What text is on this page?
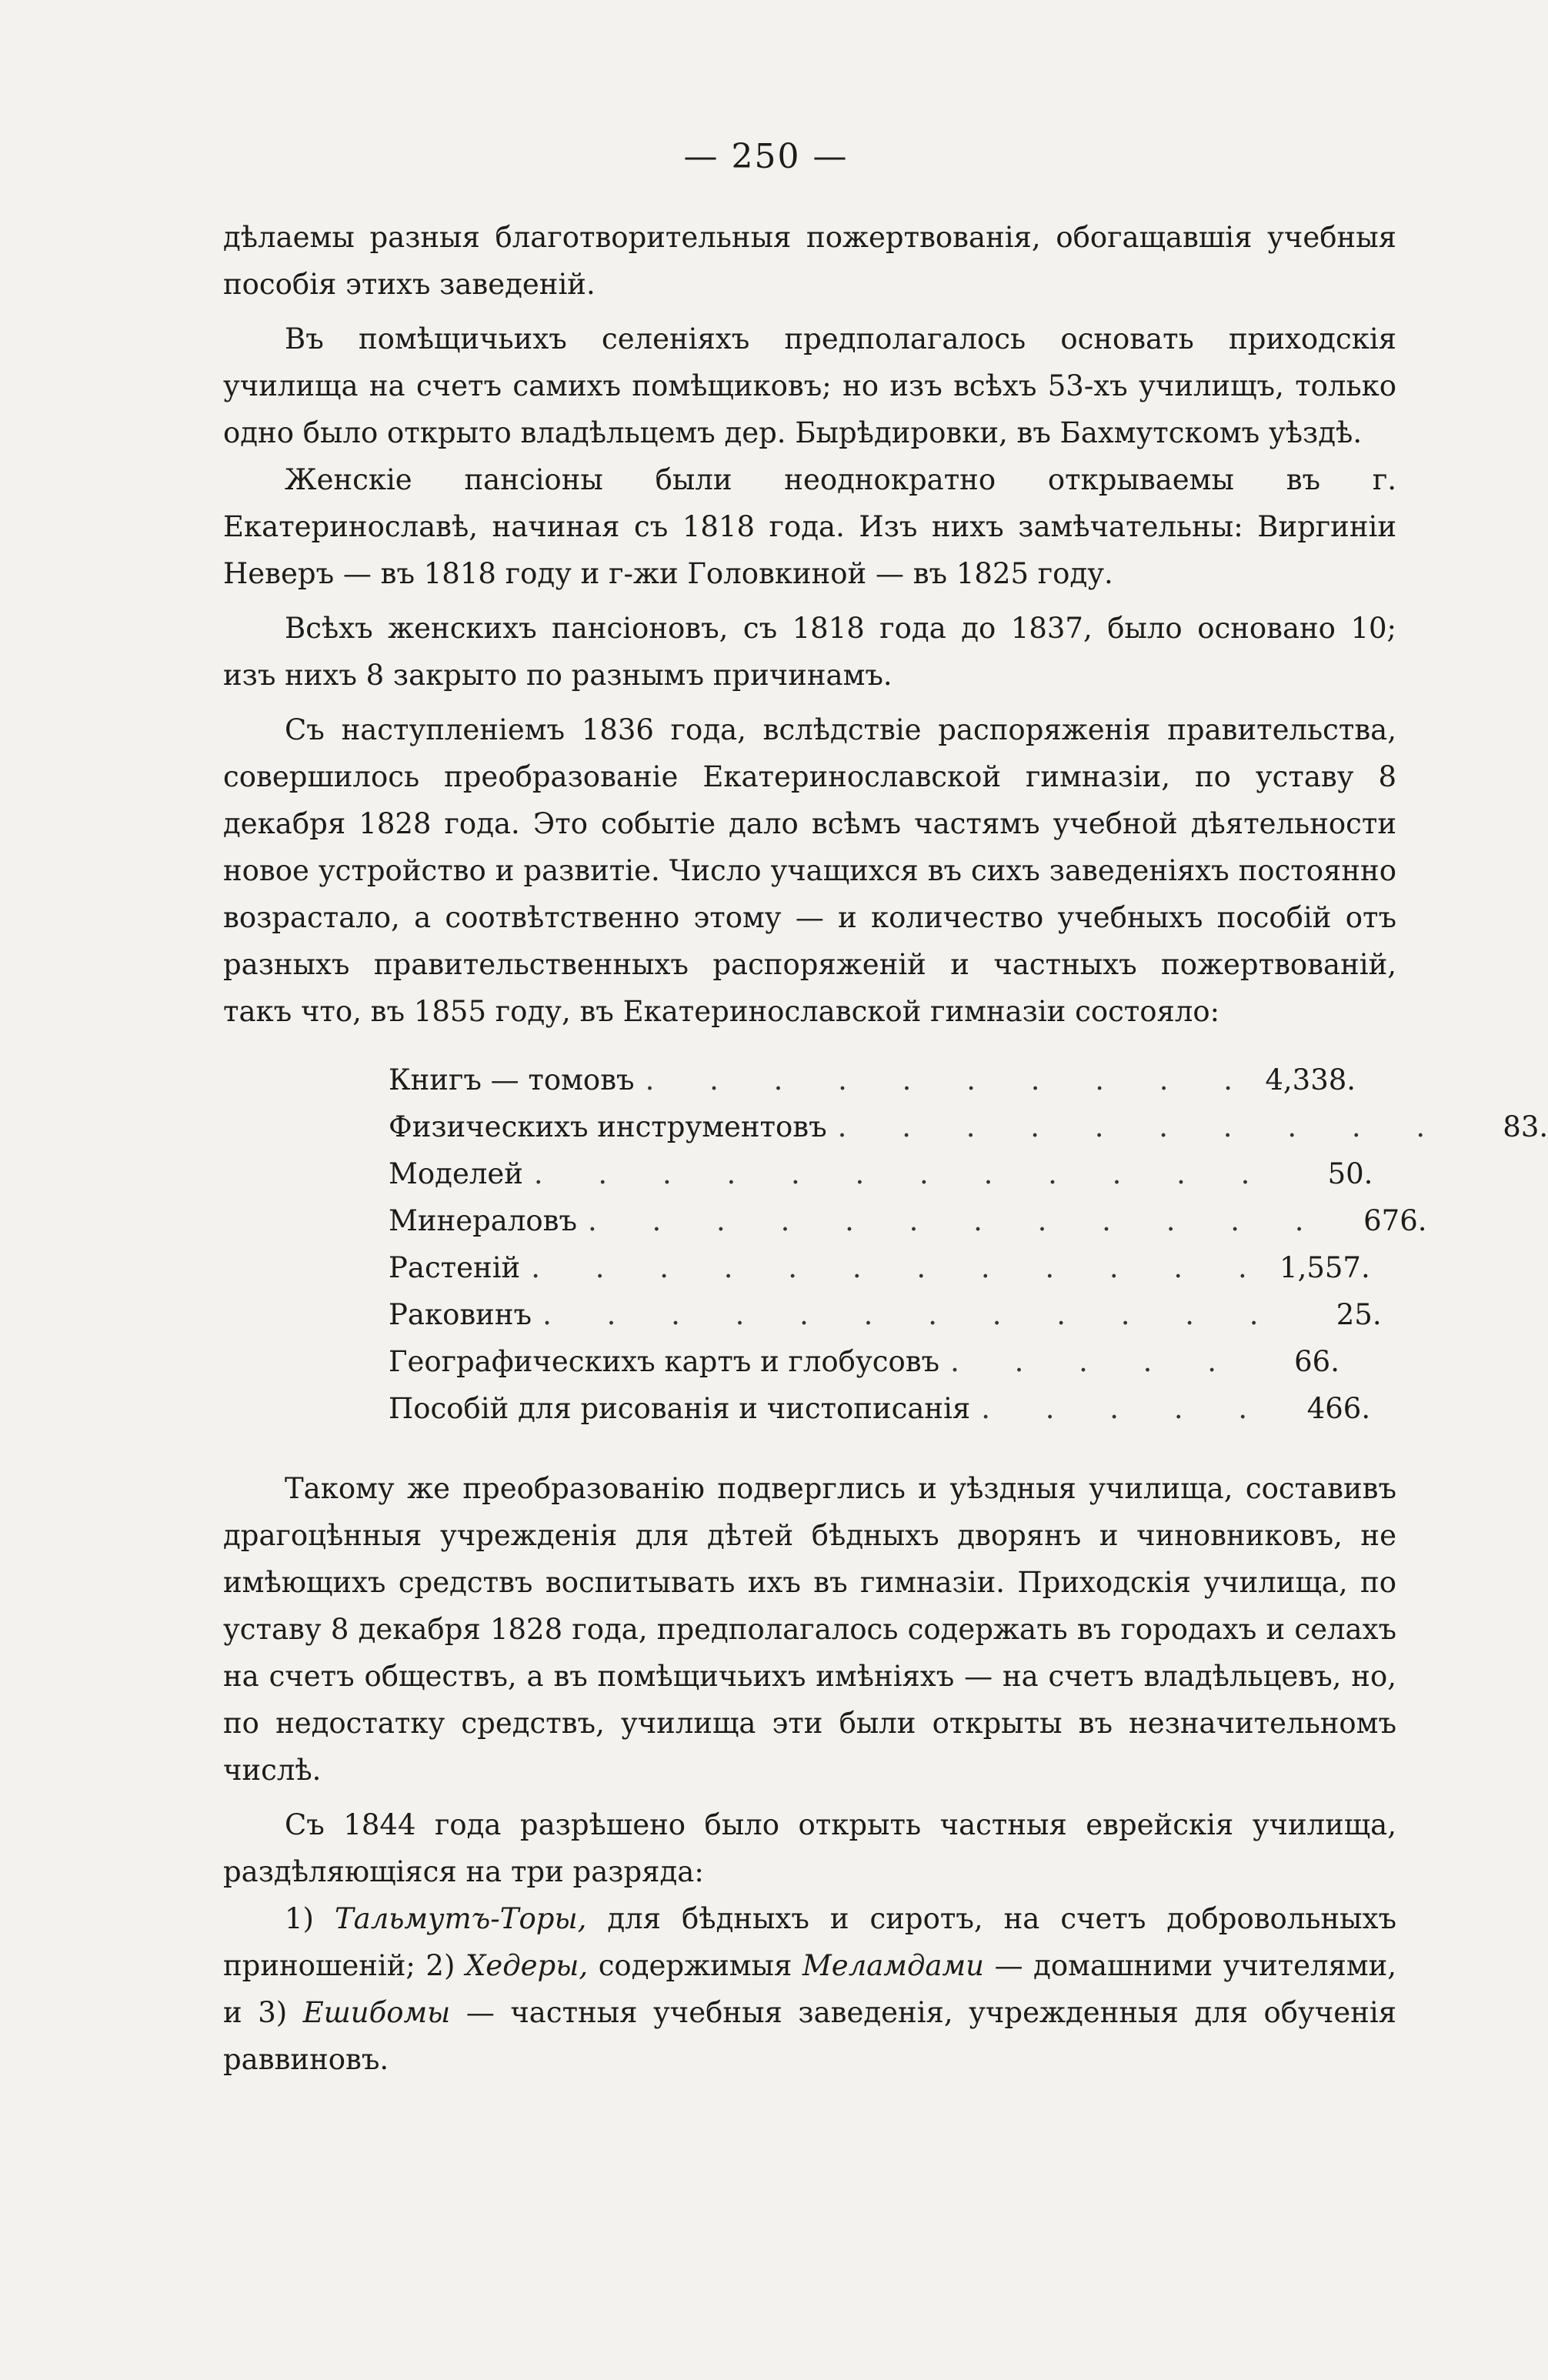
— 250 —

дѣлаемы разныя благотворительныя пожертвованія, обогащавшія учебныя пособія этихъ заведеній.

Въ помѣщичьихъ селеніяхъ предполагалось основать приходскія училища на счетъ самихъ помѣщиковъ; но изъ всѣхъ 53-хъ училищъ, только одно было открыто владѣльцемъ дер. Бырѣдировки, въ Бахмутскомъ уѣздѣ.

Женскіе пансіоны были неоднократно открываемы въ г. Екатеринославѣ, начиная съ 1818 года. Изъ нихъ замѣчательны: Виргиніи Неверъ — въ 1818 году и г-жи Головкиной — въ 1825 году.

Всѣхъ женскихъ пансіоновъ, съ 1818 года до 1837, было основано 10; изъ нихъ 8 закрыто по разнымъ причинамъ.

Съ наступленіемъ 1836 года, вслѣдствіе распоряженія правительства, совершилось преобразованіе Екатеринославской гимназіи, по уставу 8 декабря 1828 года. Это событіе дало всѣмъ частямъ учебной дѣятельности новое устройство и развитіе. Число учащихся въ сихъ заведеніяхъ постоянно возрастало, а соотвѣтственно этому — и количество учебныхъ пособій отъ разныхъ правительственныхъ распоряженій и частныхъ пожертвованій, такъ что, въ 1855 году, въ Екатеринославской гимназіи состояло:

Книгъ — томовъ . . . . . . . . . . 4,338.
Физическихъ инструментовъ . . . . . . . . . .	83.
Моделей . . . . . . . . . . . .	50.
Минераловъ . . . . . . . . . . . .	676.
Растеній . . . . . . . . . . . . 1,557.
Раковинъ . . . . . . . . . . . .	25.
Географическихъ картъ и глобусовъ . . . . .	66.
Пособій для рисованія и чистописанія . . . . .	466.

Такому же преобразованію подверглись и уѣздныя училища, составивъ драгоцѣнныя учрежденія для дѣтей бѣдныхъ дворянъ и чиновниковъ, не имѣющихъ средствъ воспитывать ихъ въ гимназіи. Приходскія училища, по уставу 8 декабря 1828 года, предполагалось содержать въ городахъ и селахъ на счетъ обществъ, а въ помѣщичьихъ имѣніяхъ — на счетъ владѣльцевъ, но, по недостатку средствъ, училища эти были открыты въ незначительномъ числѣ.

Съ 1844 года разрѣшено было открыть частныя еврейскія училища, раздѣляющіяся на три разряда:

1) Тальмутъ-Торы, для бѣдныхъ и сиротъ, на счетъ добровольныхъ приношеній; 2) Хедеры, содержимыя Меламдами — домашними учителями, и 3) Ешибомы — частныя учебныя заведенія, учрежденныя для обученія раввиновъ.
